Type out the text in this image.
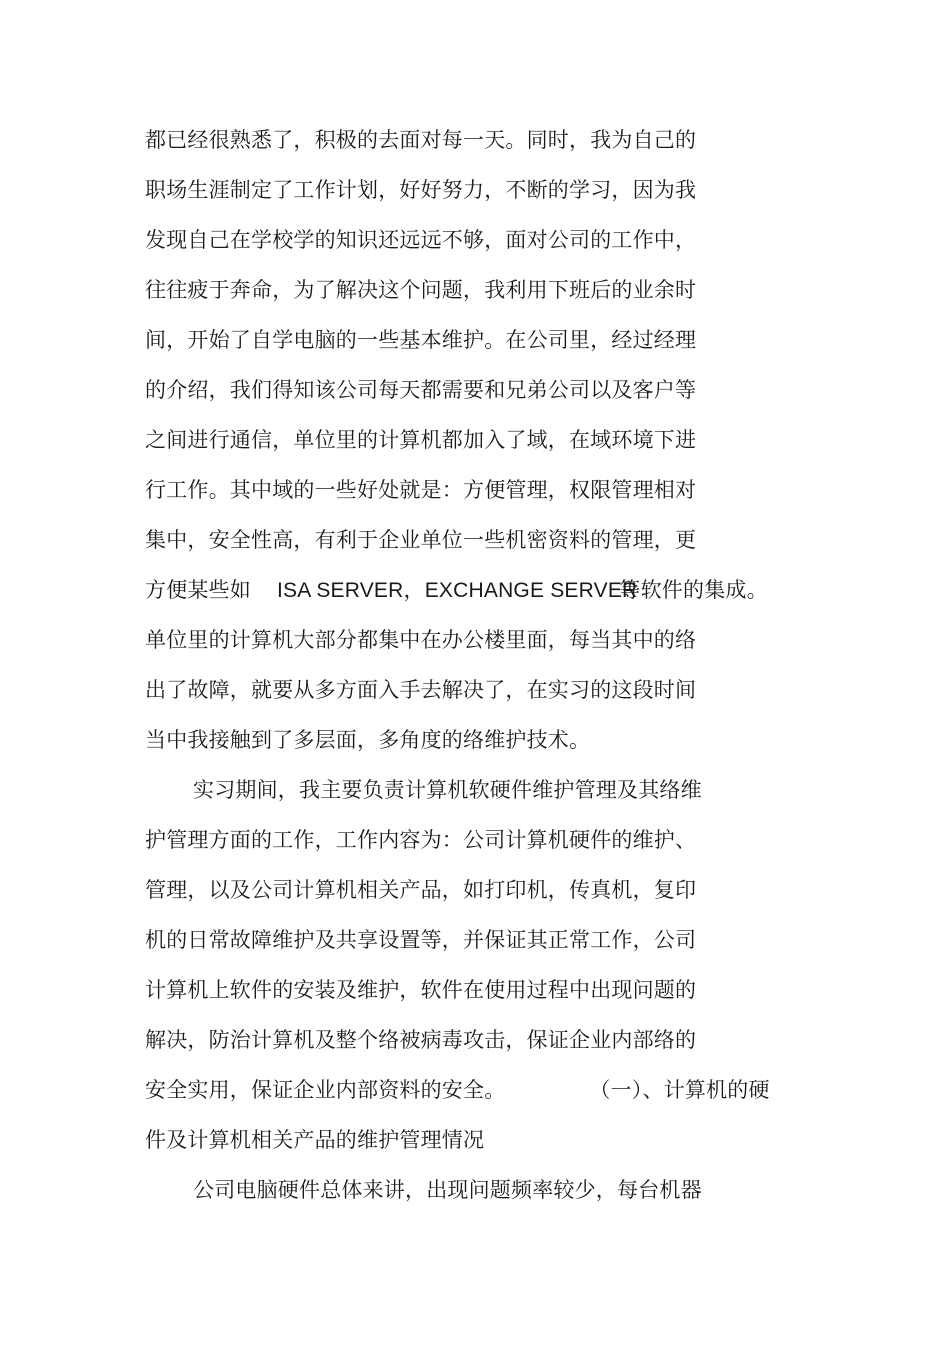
都已经很熟悉了，积极的去面对每一天。同时，我为自己的
职场生涯制定了工作计划，好好努力，不断的学习，因为我
发现自己在学校学的知识还远远不够，面对公司的工作中，
往往疲于奔命，为了解决这个问题，我利用下班后的业余时
间，开始了自学电脑的一些基本维护。在公司里，经过经理
的介绍，我们得知该公司每天都需要和兄弟公司以及客户等
之间进行通信，单位里的计算机都加入了域，在域环境下进
行工作。其中域的一些好处就是：方便管理，权限管理相对
集中，安全性高，有利于企业单位一些机密资料的管理，更
方便某些如 ISA SERVER，EXCHANGE SERVER等软件的集成。
单位里的计算机大部分都集中在办公楼里面，每当其中的络
出了故障，就要从多方面入手去解决了，在实习的这段时间
当中我接触到了多层面，多角度的络维护技术。
实习期间，我主要负责计算机软硬件维护管理及其络维
护管理方面的工作，工作内容为：公司计算机硬件的维护、
管理，以及公司计算机相关产品，如打印机，传真机，复印
机的日常故障维护及共享设置等，并保证其正常工作，公司
计算机上软件的安装及维护，软件在使用过程中出现问题的
解决，防治计算机及整个络被病毒攻击，保证企业内部络的
安全实用，保证企业内部资料的安全。	（一）、计算机的硬
件及计算机相关产品的维护管理情况
公司电脑硬件总体来讲，出现问题频率较少，每台机器
